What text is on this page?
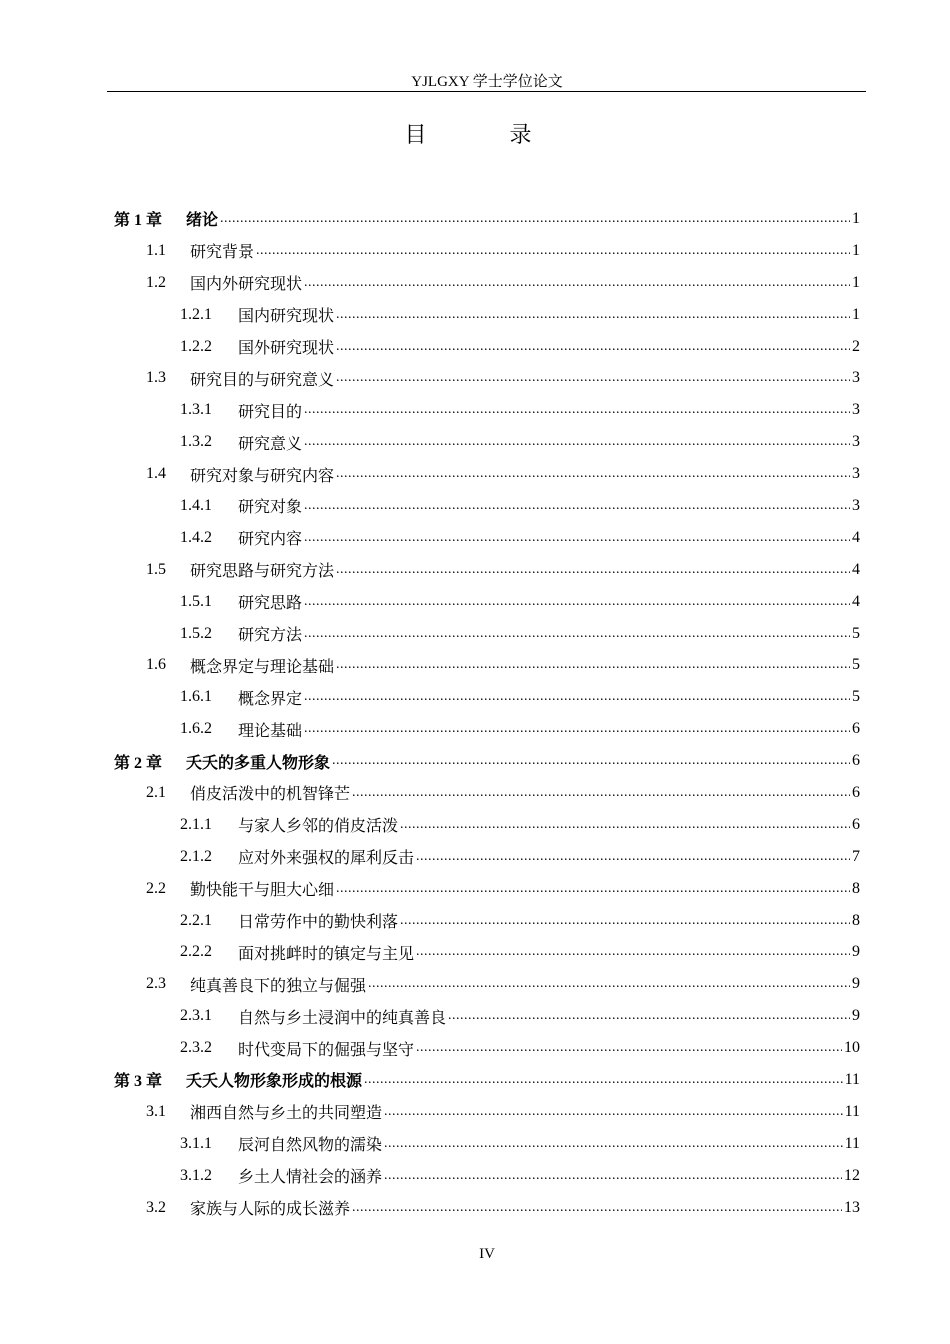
YJLGXY 学士学位论文
目 录
第 1 章	绪论 .....	1
1.1	研究背景 .....	1
1.2	国内外研究现状 .....	1
1.2.1	国内研究现状 .....	1
1.2.2	国外研究现状 .....	2
1.3	研究目的与研究意义 .....	3
1.3.1	研究目的 .....	3
1.3.2	研究意义 .....	3
1.4	研究对象与研究内容 .....	3
1.4.1	研究对象 .....	3
1.4.2	研究内容 .....	4
1.5	研究思路与研究方法 .....	4
1.5.1	研究思路 .....	4
1.5.2	研究方法 .....	5
1.6	概念界定与理论基础 .....	5
1.6.1	概念界定 .....	5
1.6.2	理论基础 .....	6
第 2 章	夭夭的多重人物形象 .....	6
2.1	俏皮活泼中的机智锋芒 .....	6
2.1.1	与家人乡邻的俏皮活泼 .....	6
2.1.2	应对外来强权的犀利反击 .....	7
2.2	勤快能干与胆大心细 .....	8
2.2.1	日常劳作中的勤快利落 .....	8
2.2.2	面对挑衅时的镇定与主见 .....	9
2.3	纯真善良下的独立与倔强 .....	9
2.3.1	自然与乡土浸润中的纯真善良 .....	9
2.3.2	时代变局下的倔强与坚守 .....	10
第 3 章	夭夭人物形象形成的根源 .....	11
3.1	湘西自然与乡土的共同塑造 .....	11
3.1.1	辰河自然风物的濡染 .....	11
3.1.2	乡土人情社会的涵养 .....	12
3.2	家族与人际的成长滋养 .....	13
IV
